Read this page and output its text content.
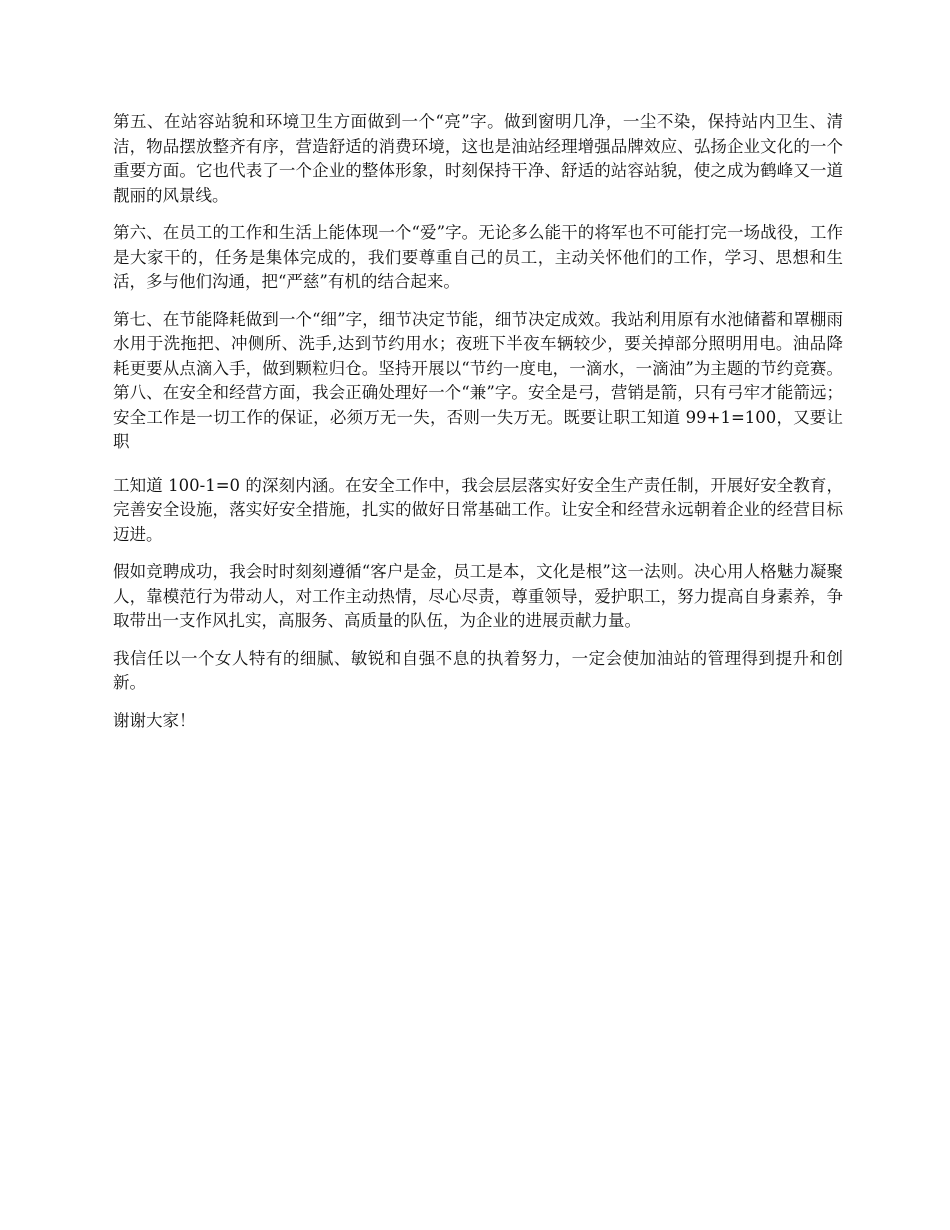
第五、在站容站貌和环境卫生方面做到一个“亮”字。做到窗明几净，一尘不染，保持站内卫生、清洁，物品摆放整齐有序，营造舒适的消费环境，这也是油站经理增强品牌效应、弘扬企业文化的一个重要方面。它也代表了一个企业的整体形象，时刻保持干净、舒适的站容站貌，使之成为鹤峰又一道靓丽的风景线。

第六、在员工的工作和生活上能体现一个“爱”字。无论多么能干的将军也不可能打完一场战役，工作是大家干的，任务是集体完成的，我们要尊重自己的员工，主动关怀他们的工作，学习、思想和生活，多与他们沟通，把“严慈”有机的结合起来。

第七、在节能降耗做到一个“细”字，细节决定节能，细节决定成效。我站利用原有水池储蓄和罩棚雨水用于洗拖把、冲侧所、洗手,达到节约用水；夜班下半夜车辆较少，要关掉部分照明用电。油品降耗更要从点滴入手，做到颗粒归仓。坚持开展以“节约一度电，一滴水，一滴油”为主题的节约竞赛。 第八、在安全和经营方面，我会正确处理好一个“兼”字。安全是弓，营销是箭，只有弓牢才能箭远；安全工作是一切工作的保证，必须万无一失，否则一失万无。既要让职工知道 99+1=100，又要让职

工知道 100-1=0 的深刻内涵。在安全工作中，我会层层落实好安全生产责任制，开展好安全教育，完善安全设施，落实好安全措施，扎实的做好日常基础工作。让安全和经营永远朝着企业的经营目标迈进。

假如竞聘成功，我会时时刻刻遵循“客户是金，员工是本，文化是根”这一法则。决心用人格魅力凝聚人，靠模范行为带动人，对工作主动热情，尽心尽责，尊重领导，爱护职工，努力提高自身素养，争取带出一支作风扎实，高服务、高质量的队伍，为企业的进展贡献力量。

我信任以一个女人特有的细腻、敏锐和自强不息的执着努力，一定会使加油站的管理得到提升和创新。

谢谢大家！
